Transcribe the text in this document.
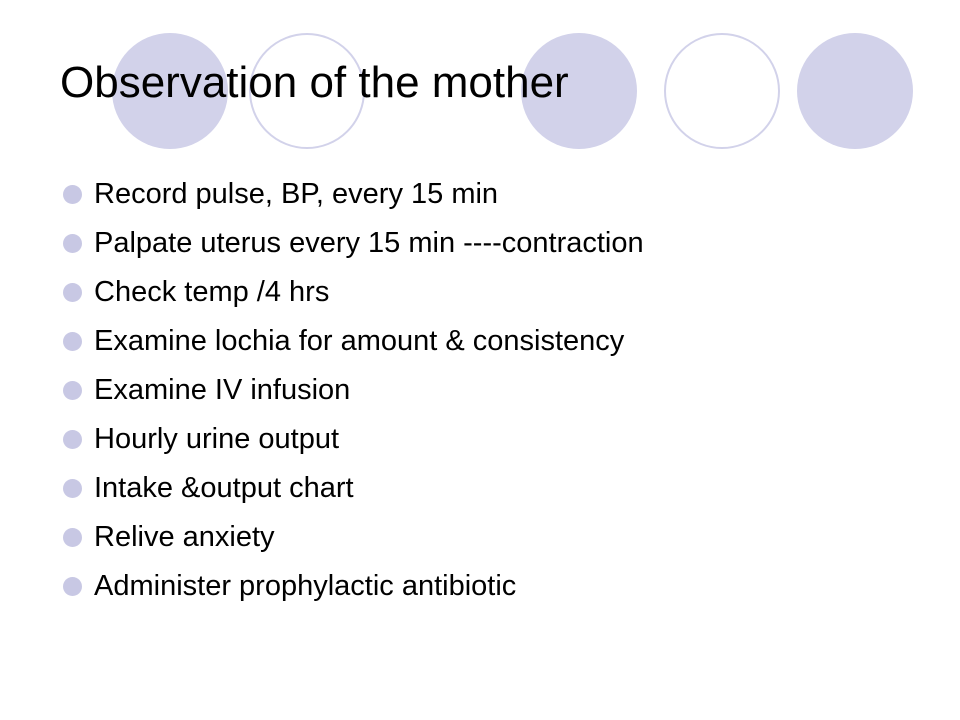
Observation of the mother
Record pulse, BP, every 15 min
Palpate uterus every 15 min ----contraction
Check temp /4 hrs
Examine lochia for amount & consistency
Examine IV infusion
Hourly urine output
Intake &output chart
Relive anxiety
Administer prophylactic antibiotic
